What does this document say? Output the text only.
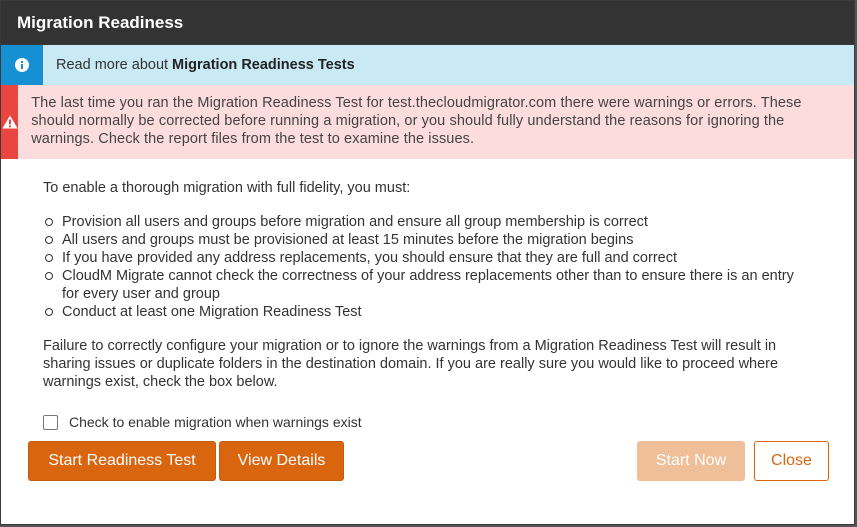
Migration Readiness
Read more about Migration Readiness Tests
The last time you ran the Migration Readiness Test for test.thecloudmigrator.com there were warnings or errors. These should normally be corrected before running a migration, or you should fully understand the reasons for ignoring the warnings. Check the report files from the test to examine the issues.

To enable a thorough migration with full fidelity, you must:

Provision all users and groups before migration and ensure all group membership is correct
All users and groups must be provisioned at least 15 minutes before the migration begins
If you have provided any address replacements, you should ensure that they are full and correct
CloudM Migrate cannot check the correctness of your address replacements other than to ensure there is an entry for every user and group
Conduct at least one Migration Readiness Test

Failure to correctly configure your migration or to ignore the warnings from a Migration Readiness Test will result in sharing issues or duplicate folders in the destination domain. If you are really sure you would like to proceed where warnings exist, check the box below.

Check to enable migration when warnings exist
Start Readiness Test	View Details	Start Now	Close
